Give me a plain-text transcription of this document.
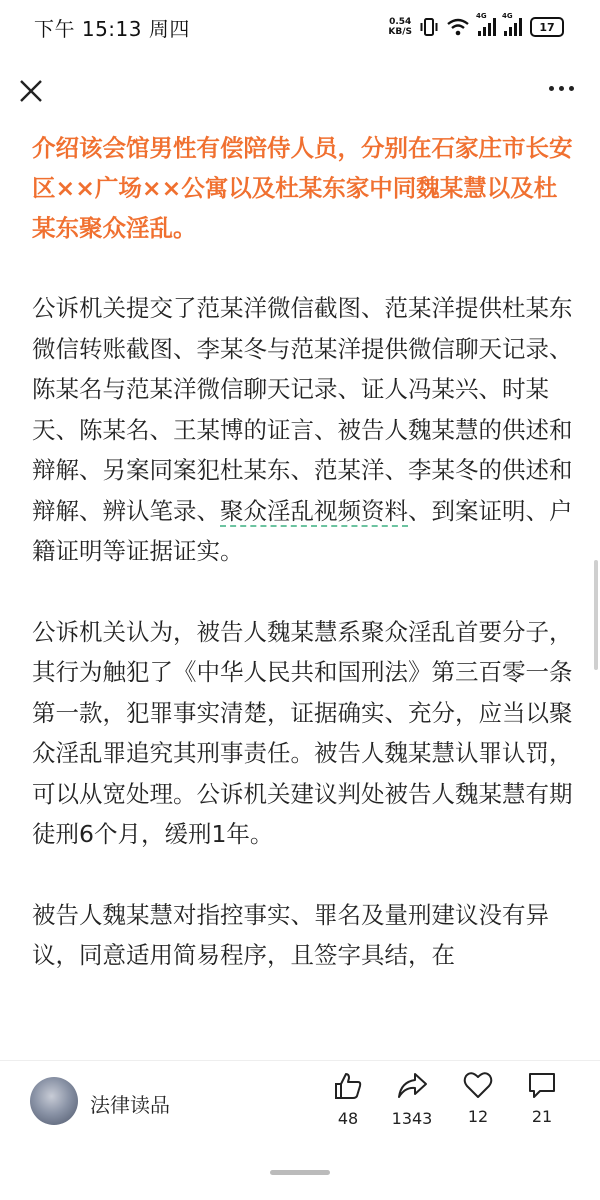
下午 15:13 周四	0.54
KB/S
4G 4G
17

介绍该会馆男性有偿陪侍人员，分别在石家庄市长安区××广场××公寓以及杜某东家中同魏某慧以及杜某东聚众淫乱。

公诉机关提交了范某洋微信截图、范某洋提供杜某东微信转账截图、李某冬与范某洋提供微信聊天记录、陈某名与范某洋微信聊天记录、证人冯某兴、时某天、陈某名、王某博的证言、被告人魏某慧的供述和辩解、另案同案犯杜某东、范某洋、李某冬的供述和辩解、辨认笔录、聚众淫乱视频资料、到案证明、户籍证明等证据证实。

公诉机关认为，被告人魏某慧系聚众淫乱首要分子，其行为触犯了《中华人民共和国刑法》第三百零一条第一款，犯罪事实清楚，证据确实、充分，应当以聚众淫乱罪追究其刑事责任。被告人魏某慧认罪认罚，可以从宽处理。公诉机关建议判处被告人魏某慧有期徒刑6个月，缓刑1年。

被告人魏某慧对指控事实、罪名及量刑建议没有异议，同意适用简易程序，且签字具结，在

法律读品
48	1343	12	21
